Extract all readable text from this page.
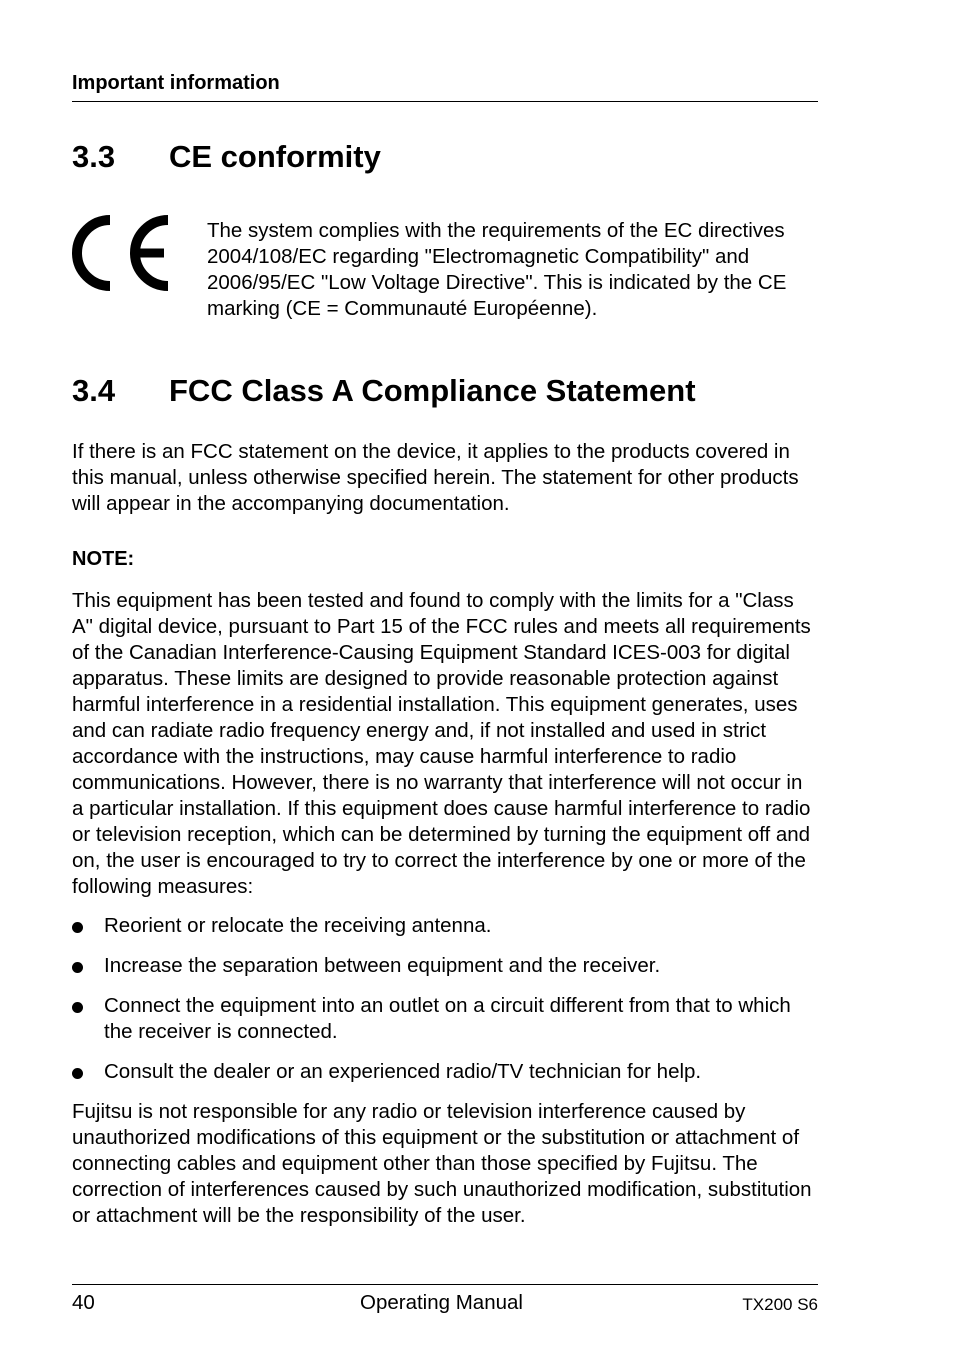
Important information
3.3 CE conformity

The system complies with the requirements of the EC directives 2004/108/EC regarding "Electromagnetic Compatibility" and 2006/95/EC "Low Voltage Directive". This is indicated by the CE marking (CE = Communauté Européenne).

3.4 FCC Class A Compliance Statement

If there is an FCC statement on the device, it applies to the products covered in this manual, unless otherwise specified herein. The statement for other products will appear in the accompanying documentation.

NOTE:

This equipment has been tested and found to comply with the limits for a "Class A" digital device, pursuant to Part 15 of the FCC rules and meets all requirements of the Canadian Interference-Causing Equipment Standard ICES-003 for digital apparatus. These limits are designed to provide reasonable protection against harmful interference in a residential installation. This equipment generates, uses and can radiate radio frequency energy and, if not installed and used in strict accordance with the instructions, may cause harmful interference to radio communications. However, there is no warranty that interference will not occur in a particular installation. If this equipment does cause harmful interference to radio or television reception, which can be determined by turning the equipment off and on, the user is encouraged to try to correct the interference by one or more of the following measures:

Reorient or relocate the receiving antenna.
Increase the separation between equipment and the receiver.
Connect the equipment into an outlet on a circuit different from that to which the receiver is connected.
Consult the dealer or an experienced radio/TV technician for help.

Fujitsu is not responsible for any radio or television interference caused by unauthorized modifications of this equipment or the substitution or attachment of connecting cables and equipment other than those specified by Fujitsu. The correction of interferences caused by such unauthorized modification, substitution or attachment will be the responsibility of the user.

40	Operating Manual	TX200 S6
